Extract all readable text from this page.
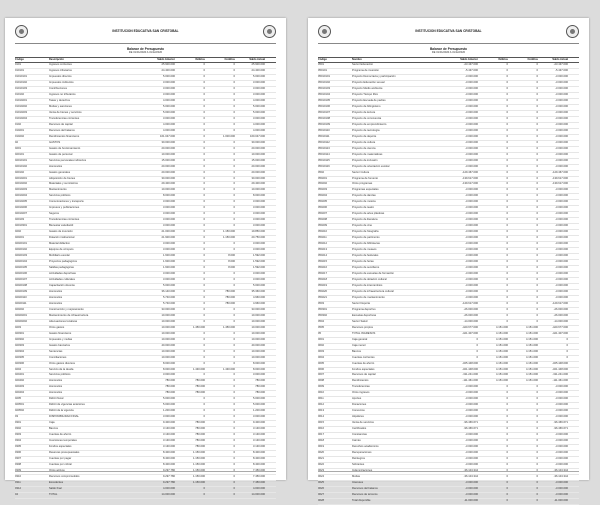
INSTITUCION EDUCATIVA SAN CRISTOBAL
Balance de Presupuesto
DE 01/01/2020 A 31/12/2020
Código	Descripción	Saldo Anterior	Débitos	Créditos	Saldo Actual
0101	Ingresos corrientes	25.900.000	0	0	25.900.000
010101	Ingresos tributarios	24.400.000	0	0	24.400.000
01010101	Impuestos directos	5.000.000	0	0	5.000.000
01010102	Impuestos indirectos	3.000.000	0	0	3.000.000
01010103	Contribuciones	3.000.000	0	0	3.000.000
010102	Ingresos no tributarios	3.000.000	0	0	3.000.000
01010201	Tasas y derechos	4.000.000	0	0	4.000.000
01010202	Multas y sanciones	5.000.000	0	0	5.000.000
01010203	Venta de bienes y servicios	5.000.000	0	0	5.000.000
01010204	Transferencias corrientes	3.000.000	0	0	3.000.000
0102	Recursos de capital	4.000.000	0	0	4.000.000
010201	Recursos del balance	4.000.000	0	0	4.000.000
010202	Rendimientos financieros	161.047.000	0	1.000.000	160.047.000
02	GASTOS	30.000.000	0	0	30.000.000
0201	Gastos de funcionamiento	20.000.000	0	0	20.000.000
020101	Gastos de personal	10.000.000	0	0	10.000.000
02010101	Servicios personales indirectos	15.000.000	0	0	15.000.000
02010102	Honorarios	20.000.000	0	0	20.000.000
020102	Gastos generales	20.000.000	0	0	20.000.000
02010201	Adquisición de bienes	30.000.000	0	0	30.000.000
02010202	Materiales y suministros	29.400.000	0	0	29.400.000
02010203	Mantenimiento	10.000.000	0	0	10.000.000
02010204	Servicios públicos	8.000.000	0	0	8.000.000
02010205	Comunicaciones y transporte	3.000.000	0	0	3.000.000
02010206	Impresos y publicaciones	3.000.000	0	0	3.000.000
02010207	Seguros	3.000.000	0	0	3.000.000
020103	Transferencias corrientes	3.000.000	0	0	3.000.000
02010301	Bienestar estudiantil	3.000.000	0	0	3.000.000
0202	Gastos de inversión	21.000.000	0	1.150.000	19.850.000
020201	Dotación institucional	21.900.000	0	1.150.000	20.750.000
02020101	Material didáctico	3.000.000	0	0	3.000.000
02020102	Equipos de cómputo	3.000.000	0	0	3.000.000
02020103	Mobiliario escolar	1.600.000	0	8.000	1.592.000
02020104	Proyectos pedagógicos	1.600.000	0	8.000	1.592.000
02020105	Salidas pedagógicas	1.600.000	0	8.000	1.592.000
02020106	Actividades deportivas	3.000.000	0	0	3.000.000
02020107	Actividades culturales	3.000.000	0	0	3.000.000
02020108	Capacitación docente	5.000.000	0	0	5.000.000
02020109	Honorarios	36.140.000	0	780.000	35.360.000
02020110	Honorarios	5.740.000	0	780.000	4.960.000
02020111	Honorarios	5.740.000	0	780.000	4.960.000
020202	Construcción y mejoramiento	33.000.000	0	0	33.000.000
02020201	Mantenimiento de infraestructura	10.000.000	0	0	10.000.000
02020202	Adecuaciones locativas	10.000.000	0	0	10.000.000
0203	Otros gastos	10.000.000	1.450.000	1.450.000	10.000.000
020301	Gastos financieros	10.000.000	0	0	10.000.000
020302	Impuestos y multas	10.000.000	0	0	10.000.000
020303	Gastos bancarios	40.000.000	0	0	40.000.000
020304	Sentencias	10.000.000	0	0	10.000.000
020305	Conciliaciones	10.000.000	0	0	10.000.000
020306	Otros gastos diversos	8.000.000	0	0	8.000.000
0204	Servicio de la deuda	8.000.000	1.430.000	1.430.000	8.000.000
020401	Servicios públicos	3.000.000	0	0	3.000.000
020402	Honorarios	780.000	780.000	0	780.000
020403	Honorarios	780.000	780.000	0	780.000
020404	Honorarios	780.000	780.000	0	780.000
0205	Déficit fiscal	5.000.000	0	0	5.000.000
020501	Déficit de vigencias anteriores	5.000.000	0	0	5.000.000
020502	Déficit de la vigencia	1.200.000	0	0	1.200.000
03	DISPONIBILIDAD FINAL	3.000.000	0	0	3.000.000
0301	Caja	9.400.000	780.000	0	9.400.000
0302	Bancos	3.130.000	780.000	0	3.130.000
0303	Cuentas de ahorro	3.130.000	780.000	0	3.130.000
0304	Inversiones temporales	3.130.000	780.000	0	3.130.000
0305	Fondos especiales	3.130.000	780.000	0	3.130.000
0306	Reservas presupuestales	8.400.000	1.150.000	0	8.400.000
0307	Cuentas por pagar	8.400.000	1.150.000	0	8.400.000
0308	Cuentas por cobrar	8.400.000	1.150.000	0	8.400.000
0309	Otros activos	9.297.780	1.150.000	0	7.450.000
0310	Recursos comprometidos	9.297.780	1.150.000	0	7.450.000
0311	Excedentes	9.297.780	1.150.000	0	7.450.000
0312	Saldo final	4.000.000	0	0	4.000.000
04	TOTAL	14.000.000	0	0	14.000.000
INSTITUCION EDUCATIVA SAN CRISTOBAL
Balance de Presupuesto
DE 01/01/2020 A 31/12/2020
Código	Nombre	Saldo Anterior	Débitos	Créditos	Saldo Actual
0501	Sector Educación	-23.437.000	0	0	-23.437.000
050101	Programa de inversión	-5.437.000	0	0	-5.437.000
05010101	Proyecto Democracia y participación	-3.000.000	0	0	-3.000.000
05010102	Proyecto Educación sexual	-3.000.000	0	0	-3.000.000
05010103	Proyecto Medio ambiente	-3.000.000	0	0	-3.000.000
05010104	Proyecto Tiempo libre	-3.000.000	0	0	-3.000.000
05010105	Proyecto Escuela de padres	-3.000.000	0	0	-3.000.000
05010106	Proyecto de bilingüismo	-3.000.000	0	0	-3.000.000
05010107	Proyecto de lectura	-3.000.000	0	0	-3.000.000
05010108	Proyecto de convivencia	-3.000.000	0	0	-3.000.000
05010109	Proyecto de emprendimiento	-3.000.000	0	0	-3.000.000
05010110	Proyecto de tecnología	-3.000.000	0	0	-3.000.000
05010111	Proyecto de deporte	-3.000.000	0	0	-3.000.000
05010112	Proyecto de cultura	-3.000.000	0	0	-3.000.000
05010113	Proyecto de ciencia	-3.000.000	0	0	-3.000.000
05010114	Proyecto de matemáticas	-3.000.000	0	0	-3.000.000
05010115	Proyecto de inclusión	-3.000.000	0	0	-3.000.000
05010116	Proyecto de orientación escolar	-3.000.000	0	0	-3.000.000
0502	Sector Cultura	-129.467.000	0	0	-129.467.000
050201	Programa de fomento	-139.617.000	0	0	-139.617.000
050202	Otros programas	-139.617.000	0	0	-139.617.000
050203	Programas especiales	-3.000.000	0	0	-3.000.000
050204	Proyecto de danzas	-3.000.000	0	0	-3.000.000
050205	Proyecto de música	-3.000.000	0	0	-3.000.000
050206	Proyecto de teatro	-3.000.000	0	0	-3.000.000
050207	Proyecto de artes plásticas	-3.000.000	0	0	-3.000.000
050208	Proyecto de literatura	-3.000.000	0	0	-3.000.000
050209	Proyecto de cine	-3.000.000	0	0	-3.000.000
050210	Proyecto de fotografía	-3.000.000	0	0	-3.000.000
050211	Proyecto de patrimonio	-3.000.000	0	0	-3.000.000
050212	Proyecto de bibliotecas	-3.000.000	0	0	-3.000.000
050213	Proyecto de museos	-3.000.000	0	0	-3.000.000
050214	Proyecto de festivales	-3.000.000	0	0	-3.000.000
050215	Proyecto de ferias	-3.000.000	0	0	-3.000.000
050216	Proyecto de semilleros	-3.000.000	0	0	-3.000.000
050217	Proyecto de escuelas de formación	-3.000.000	0	0	-3.000.000
050218	Proyecto de dotación cultural	-3.000.000	0	0	-3.000.000
050219	Proyecto de intercambios	-3.000.000	0	0	-3.000.000
050220	Proyecto de infraestructura cultural	-3.000.000	0	0	-3.000.000
050221	Proyecto de mantenimiento	-3.000.000	0	0	-3.000.000
0503	Sector Deporte	-129.617.000	0	0	-129.617.000
050301	Programa deportivo	-26.000.000	0	0	-26.000.000
050302	Escuelas deportivas	-26.000.000	0	0	-26.000.000
0504	Sector Salud	-14.000.000	0	0	-14.000.000
0505	Recursos propios	-420.677.000	4.151.000	4.151.000	-420.677.000
05	TOTAL INGRESOS	-421.407.000	4.151.000	4.151.000	-421.407.000
0601	Caja general	0	4.151.000	4.151.000	0
0602	Caja menor	0	4.151.000	4.151.000	0
0603	Bancos	0	4.151.000	4.151.000	0
0604	Cuentas corrientes	0	4.151.000	4.151.000	0
0605	Cuentas de ahorro	-325.448.000	4.151.000	4.151.000	-325.448.000
0606	Fondos especiales	-321.448.000	4.151.000	4.151.000	-321.448.000
0607	Recursos de capital	-311.241.000	4.151.000	4.151.000	-311.241.000
0608	Rendimientos	-111.461.000	4.151.000	4.151.000	-111.461.000
0609	Transferencias	-3.000.000	0	0	-3.000.000
0610	Otros ingresos	-3.000.000	0	0	-3.000.000
0611	Aportes	-3.000.000	0	0	-3.000.000
0612	Donaciones	-3.000.000	0	0	-3.000.000
0613	Convenios	-3.000.000	0	0	-3.000.000
0614	Alquileres	-3.000.000	0	0	-3.000.000
0615	Venta de servicios	-96.466.671	0	0	-96.466.671
0616	Certificados	-96.466.671	0	0	-96.466.671
0617	Constancias	-3.000.000	0	0	-3.000.000
0618	Carnés	-3.000.000	0	0	-3.000.000
0619	Derechos académicos	-3.000.000	0	0	-3.000.000
0620	Recuperaciones	-3.000.000	0	0	-3.000.000
0621	Reintegros	-3.000.000	0	0	-3.000.000
0622	Sobrantes	-3.000.000	0	0	-3.000.000
0623	Indemnizaciones	-36.104.344	0	0	-36.104.344
0624	Multas	-36.104.344	0	0	-36.104.344
0625	Intereses	-3.000.000	0	0	-3.000.000
0626	Recursos del balance	-3.000.000	0	0	-3.000.000
0627	Recursos de terceros	-3.000.000	0	0	-3.000.000
0628	Total disponible	-11.000.000	0	0	-11.000.000
